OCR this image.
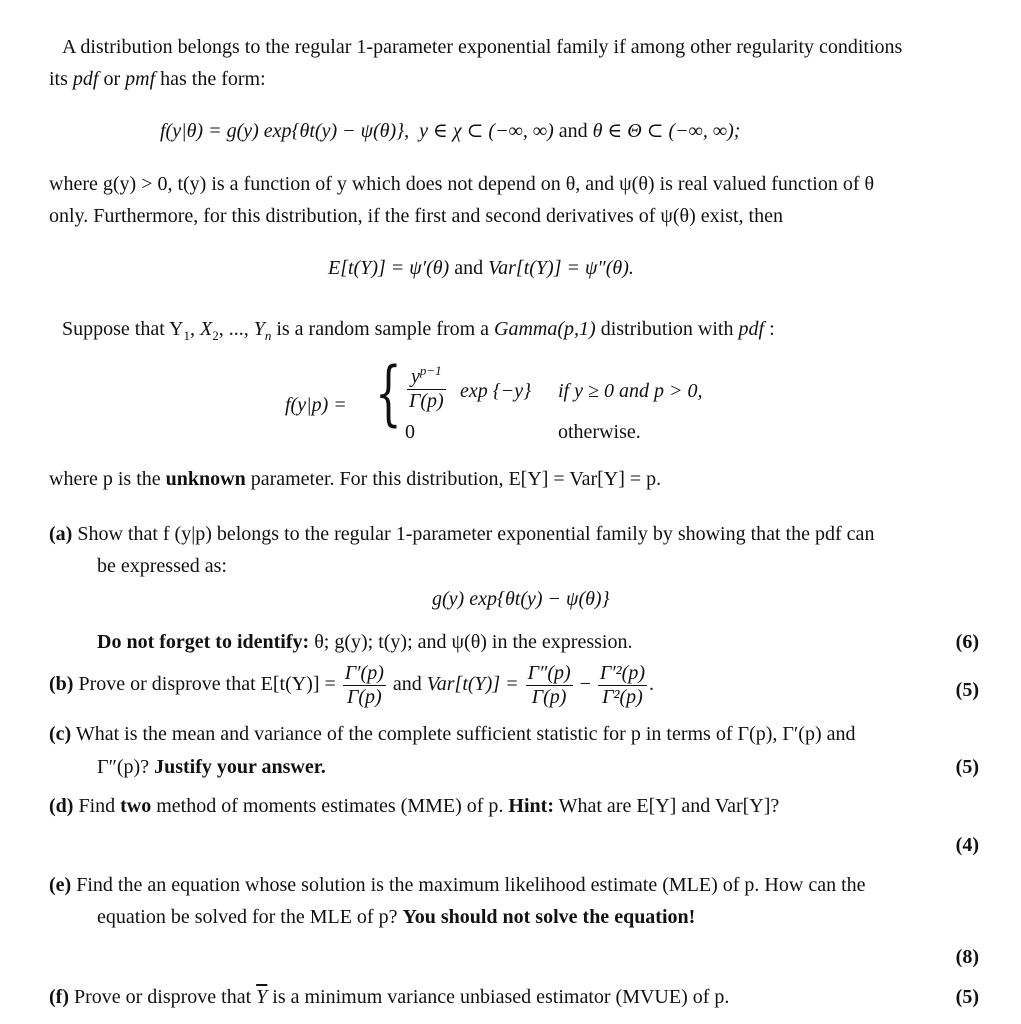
A distribution belongs to the regular 1-parameter exponential family if among other regularity conditions
its pdf or pmf has the form:
f(y|θ) = g(y) exp{θt(y) − ψ(θ)}, y ∈ χ ⊂ (−∞, ∞) and θ ∈ Θ ⊂ (−∞, ∞);
where g(y) > 0, t(y) is a function of y which does not depend on θ, and ψ(θ) is real valued function of θ
only. Furthermore, for this distribution, if the first and second derivatives of ψ(θ) exist, then
E[t(Y)] = ψ′(θ) and Var[t(Y)] = ψ″(θ).
Suppose that $Y_1$, $X_2$, ..., $Y_n$ is a random sample from a Gamma(p,1) distribution with pdf :
f(y|p) = { $\frac{y^{p-1}}{\Gamma(p)}$ exp {−y} if y ≥ 0 and p > 0,
0	otherwise.
where p is the unknown parameter. For this distribution, E[Y] = Var[Y] = p.
(a) Show that f (y|p) belongs to the regular 1-parameter exponential family by showing that the pdf can
be expressed as:
g(y) exp{θt(y) − ψ(θ)}
Do not forget to identify: θ; g(y); t(y); and ψ(θ) in the expression.	(6)
(b) Prove or disprove that $E[t(Y)] = \frac{\Gamma'(p)}{\Gamma(p)}$ and $Var[t(Y)] = \frac{\Gamma''(p)}{\Gamma(p)} - \frac{\text{Γ′²(p)}}{\text{Γ²(p)}}$ .	(5)
(c) What is the mean and variance of the complete sufficient statistic for p in terms of Γ(p), Γ′(p) and
Γ″(p)? Justify your answer.	(5)
(d) Find two method of moments estimates (MME) of p. Hint: What are E[Y] and Var[Y]?
(4)
(e) Find the an equation whose solution is the maximum likelihood estimate (MLE) of p. How can the
equation be solved for the MLE of p? You should not solve the equation!
(8)
(f) Prove or disprove that $\overline{Y}$ is a minimum variance unbiased estimator (MVUE) of p.	(5)
